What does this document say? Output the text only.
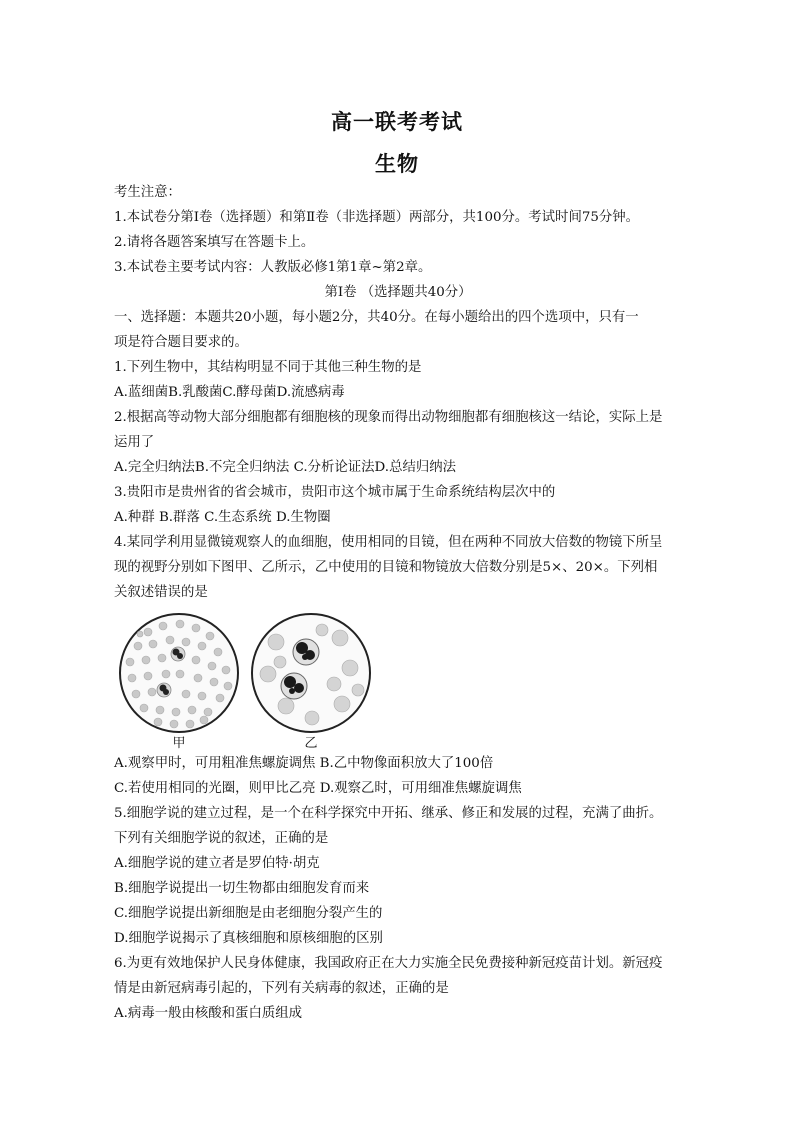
高一联考考试
生物
考生注意：
1.本试卷分第Ⅰ卷（选择题）和第Ⅱ卷（非选择题）两部分，共100分。考试时间75分钟。
2.请将各题答案填写在答题卡上。
3.本试卷主要考试内容：人教版必修1第1章~第2章。
第Ⅰ卷 （选择题共40分）
一、选择题：本题共20小题，每小题2分，共40分。在每小题给出的四个选项中，只有一
项是符合题目要求的。
1.下列生物中，其结构明显不同于其他三种生物的是
A.蓝细菌B.乳酸菌C.酵母菌D.流感病毒
2.根据高等动物大部分细胞都有细胞核的现象而得出动物细胞都有细胞核这一结论，实际上是
运用了
A.完全归纳法B.不完全归纳法 C.分析论证法D.总结归纳法
3.贵阳市是贵州省的省会城市，贵阳市这个城市属于生命系统结构层次中的
A.种群 B.群落 C.生态系统 D.生物圈
4.某同学利用显微镜观察人的血细胞，使用相同的目镜，但在两种不同放大倍数的物镜下所呈
现的视野分别如下图甲、乙所示，乙中使用的目镜和物镜放大倍数分别是5×、20×。下列相
关叙述错误的是
甲	乙
A.观察甲时，可用粗准焦螺旋调焦 B.乙中物像面积放大了100倍
C.若使用相同的光圈，则甲比乙亮 D.观察乙时，可用细准焦螺旋调焦
5.细胞学说的建立过程，是一个在科学探究中开拓、继承、修正和发展的过程，充满了曲折。
下列有关细胞学说的叙述，正确的是
A.细胞学说的建立者是罗伯特·胡克
B.细胞学说提出一切生物都由细胞发育而来
C.细胞学说提出新细胞是由老细胞分裂产生的
D.细胞学说揭示了真核细胞和原核细胞的区别
6.为更有效地保护人民身体健康，我国政府正在大力实施全民免费接种新冠疫苗计划。新冠疫
情是由新冠病毒引起的，下列有关病毒的叙述，正确的是
A.病毒一般由核酸和蛋白质组成
